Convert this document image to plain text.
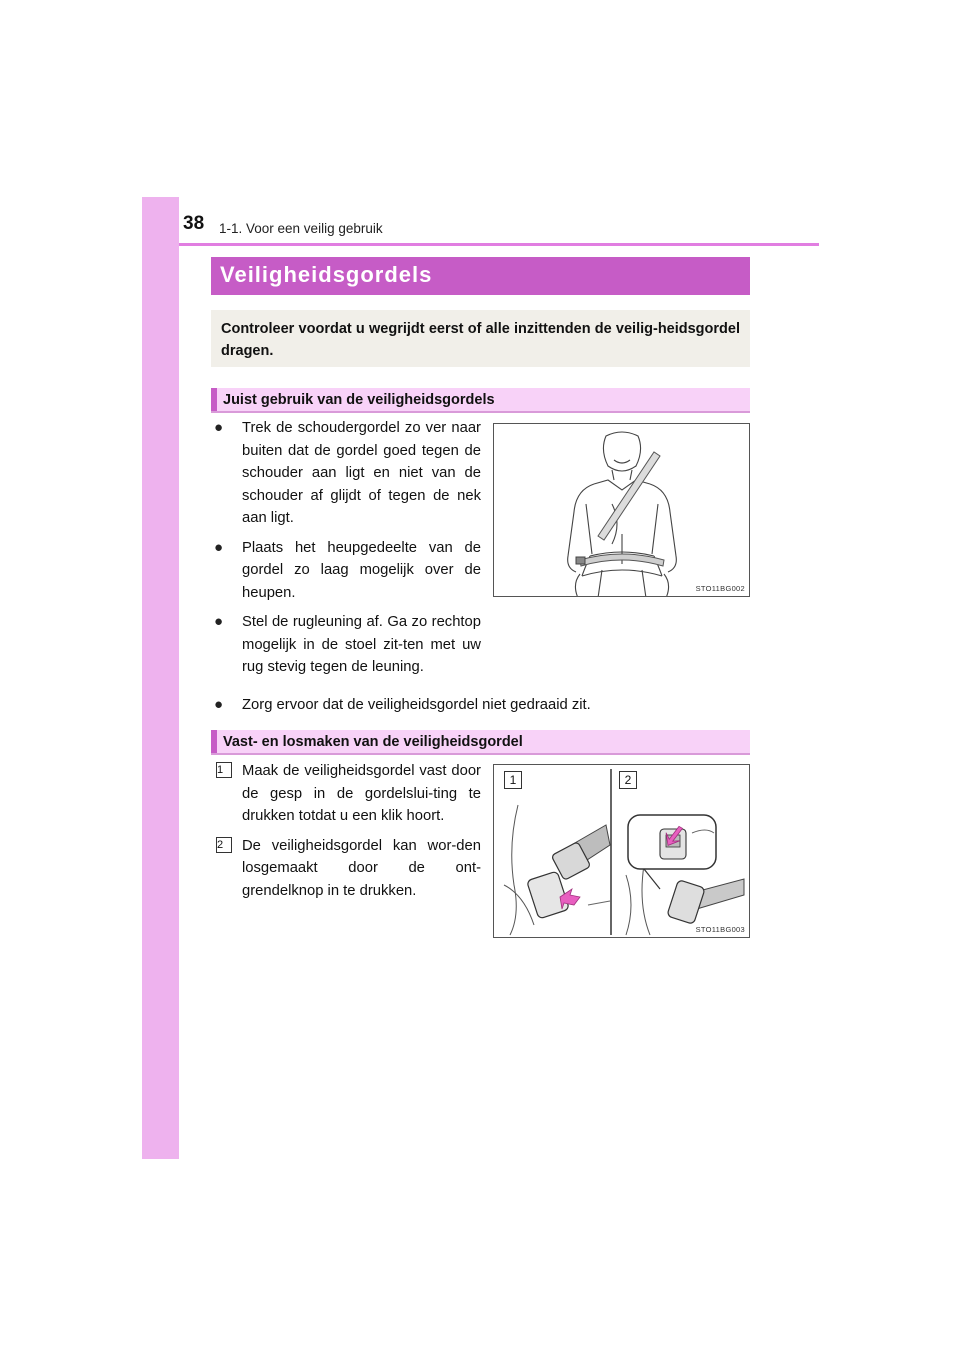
38 1-1. Voor een veilig gebruik
Veiligheidsgordels

Controleer voordat u wegrijdt eerst of alle inzittenden de veilig-heidsgordel dragen.

Juist gebruik van de veiligheidsgordels
● Trek de schoudergordel zo ver naar buiten dat de gordel goed tegen de schouder aan ligt en niet van de schouder af glijdt of tegen de nek aan ligt.
● Plaats het heupgedeelte van de gordel zo laag mogelijk over de heupen.
● Stel de rugleuning af. Ga zo rechtop mogelijk in de stoel zit-ten met uw rug stevig tegen de leuning.
● Zorg ervoor dat de veiligheidsgordel niet gedraaid zit.
STO11BG002
Vast- en losmaken van de veiligheidsgordel
1	Maak de veiligheidsgordel vast door de gesp in de gordelslui-ting te drukken totdat u een klik hoort.
2	De veiligheidsgordel kan wor-den losgemaakt door de ont-grendelknop in te drukken.
1	2
STO11BG003
